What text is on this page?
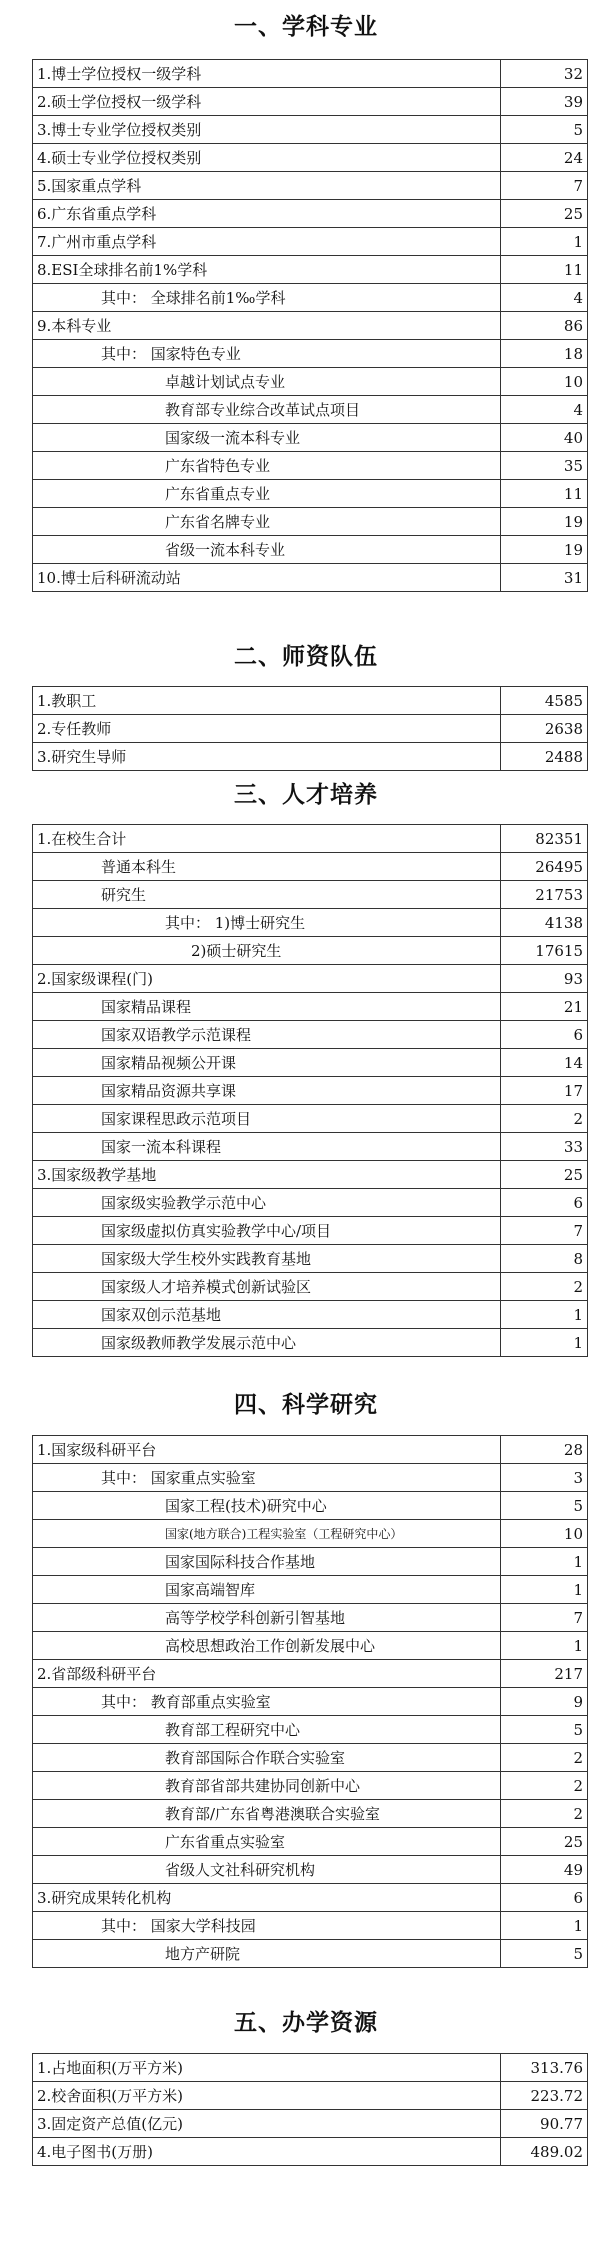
一、学科专业
1.博士学位授权一级学科	32
2.硕士学位授权一级学科	39
3.博士专业学位授权类别	5
4.硕士专业学位授权类别	24
5.国家重点学科	7
6.广东省重点学科	25
7.广州市重点学科	1
8.ESI全球排名前1%学科	11
其中： 全球排名前1‰学科	4
9.本科专业	86
其中： 国家特色专业	18
卓越计划试点专业	10
教育部专业综合改革试点项目	4
国家级一流本科专业	40
广东省特色专业	35
广东省重点专业	11
广东省名牌专业	19
省级一流本科专业	19
10.博士后科研流动站	31
二、师资队伍
1.教职工	4585
2.专任教师	2638
3.研究生导师	2488
三、人才培养
1.在校生合计	82351
普通本科生	26495
研究生	21753
其中： 1)博士研究生	4138
2)硕士研究生	17615
2.国家级课程(门)	93
国家精品课程	21
国家双语教学示范课程	6
国家精品视频公开课	14
国家精品资源共享课	17
国家课程思政示范项目	2
国家一流本科课程	33
3.国家级教学基地	25
国家级实验教学示范中心	6
国家级虚拟仿真实验教学中心/项目	7
国家级大学生校外实践教育基地	8
国家级人才培养模式创新试验区	2
国家双创示范基地	1
国家级教师教学发展示范中心	1
四、科学研究
1.国家级科研平台	28
其中： 国家重点实验室	3
国家工程(技术)研究中心	5
国家(地方联合)工程实验室（工程研究中心）	10
国家国际科技合作基地	1
国家高端智库	1
高等学校学科创新引智基地	7
高校思想政治工作创新发展中心	1
2.省部级科研平台	217
其中： 教育部重点实验室	9
教育部工程研究中心	5
教育部国际合作联合实验室	2
教育部省部共建协同创新中心	2
教育部/广东省粤港澳联合实验室	2
广东省重点实验室	25
省级人文社科研究机构	49
3.研究成果转化机构	6
其中： 国家大学科技园	1
地方产研院	5
五、办学资源
1.占地面积(万平方米)	313.76
2.校舍面积(万平方米)	223.72
3.固定资产总值(亿元)	90.77
4.电子图书(万册)	489.02
